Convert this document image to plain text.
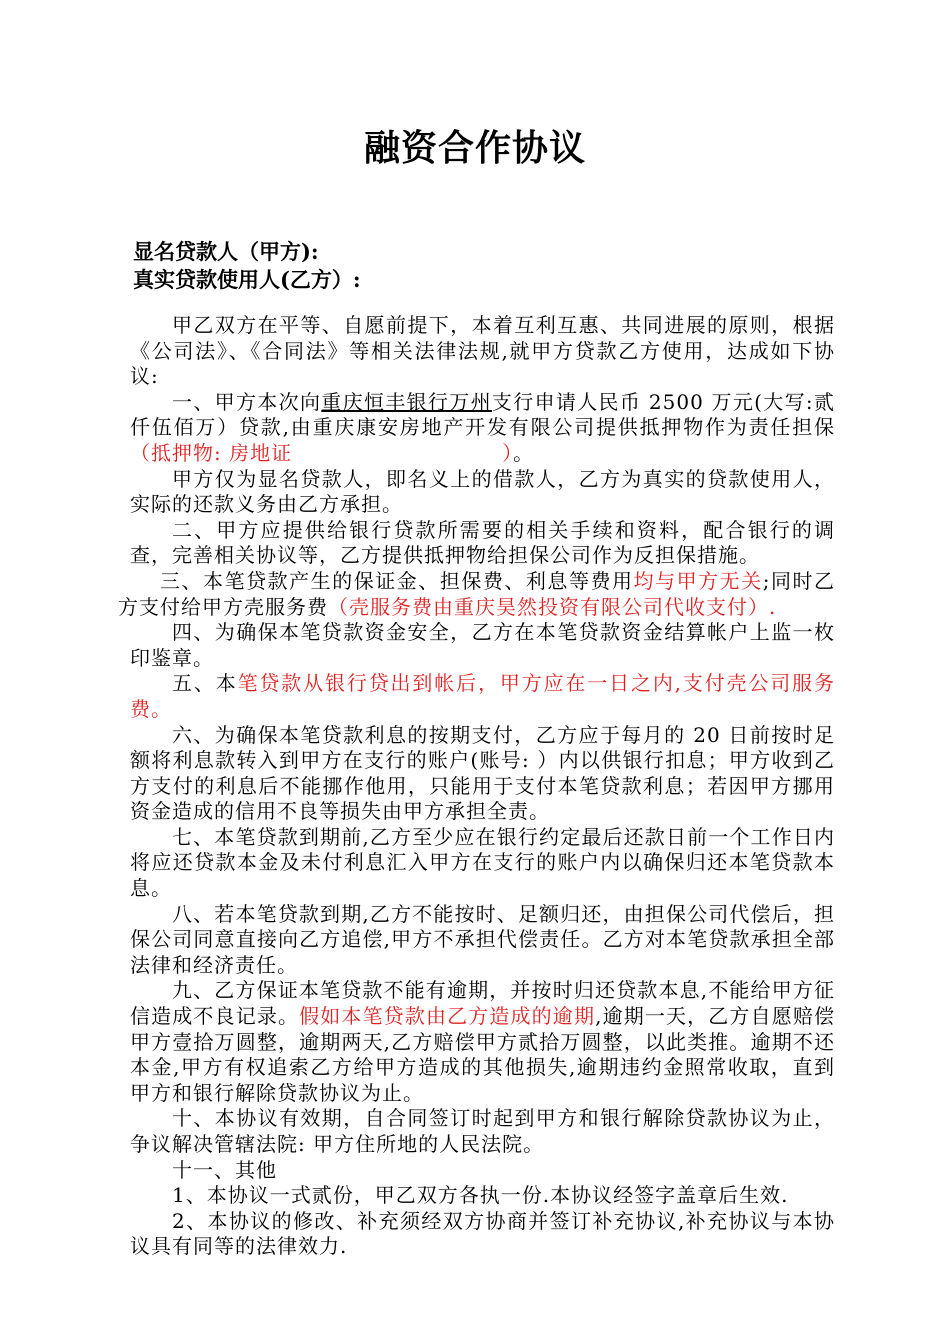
融资合作协议
显名贷款人（甲方):
真实贷款使用人(乙方）:

甲乙双方在平等、自愿前提下，本着互利互惠、共同进展的原则，根据《公司法》、《合同法》等相关法律法规,就甲方贷款乙方使用，达成如下协议:

一、甲方本次向重庆恒丰银行万州支行申请人民币 2500 万元(大写:贰仟伍佰万）贷款,由重庆康安房地产开发有限公司提供抵押物作为责任担保（抵押物: 房地证	）。

甲方仅为显名贷款人，即名义上的借款人，乙方为真实的贷款使用人，实际的还款义务由乙方承担。

二、甲方应提供给银行贷款所需要的相关手续和资料，配合银行的调查，完善相关协议等，乙方提供抵押物给担保公司作为反担保措施。

三、本笔贷款产生的保证金、担保费、利息等费用均与甲方无关;同时乙方支付给甲方壳服务费（壳服务费由重庆昊然投资有限公司代收支付）.

四、为确保本笔贷款资金安全，乙方在本笔贷款资金结算帐户上监一枚印鉴章。

五、本笔贷款从银行贷出到帐后，甲方应在一日之内,支付壳公司服务费。

六、为确保本笔贷款利息的按期支付，乙方应于每月的 20 日前按时足额将利息款转入到甲方在支行的账户(账号: ）内以供银行扣息；甲方收到乙方支付的利息后不能挪作他用，只能用于支付本笔贷款利息；若因甲方挪用资金造成的信用不良等损失由甲方承担全责。

七、本笔贷款到期前,乙方至少应在银行约定最后还款日前一个工作日内将应还贷款本金及未付利息汇入甲方在支行的账户内以确保归还本笔贷款本息。

八、若本笔贷款到期,乙方不能按时、足额归还，由担保公司代偿后，担保公司同意直接向乙方追偿,甲方不承担代偿责任。乙方对本笔贷款承担全部法律和经济责任。

九、乙方保证本笔贷款不能有逾期，并按时归还贷款本息,不能给甲方征信造成不良记录。假如本笔贷款由乙方造成的逾期,逾期一天，乙方自愿赔偿甲方壹拾万圆整，逾期两天,乙方赔偿甲方贰拾万圆整，以此类推。逾期不还本金,甲方有权追索乙方给甲方造成的其他损失,逾期违约金照常收取，直到甲方和银行解除贷款协议为止。

十、本协议有效期，自合同签订时起到甲方和银行解除贷款协议为止，争议解决管辖法院: 甲方住所地的人民法院。

十一、其他

1、本协议一式贰份，甲乙双方各执一份.本协议经签字盖章后生效.

2、本协议的修改、补充须经双方协商并签订补充协议,补充协议与本协议具有同等的法律效力.
